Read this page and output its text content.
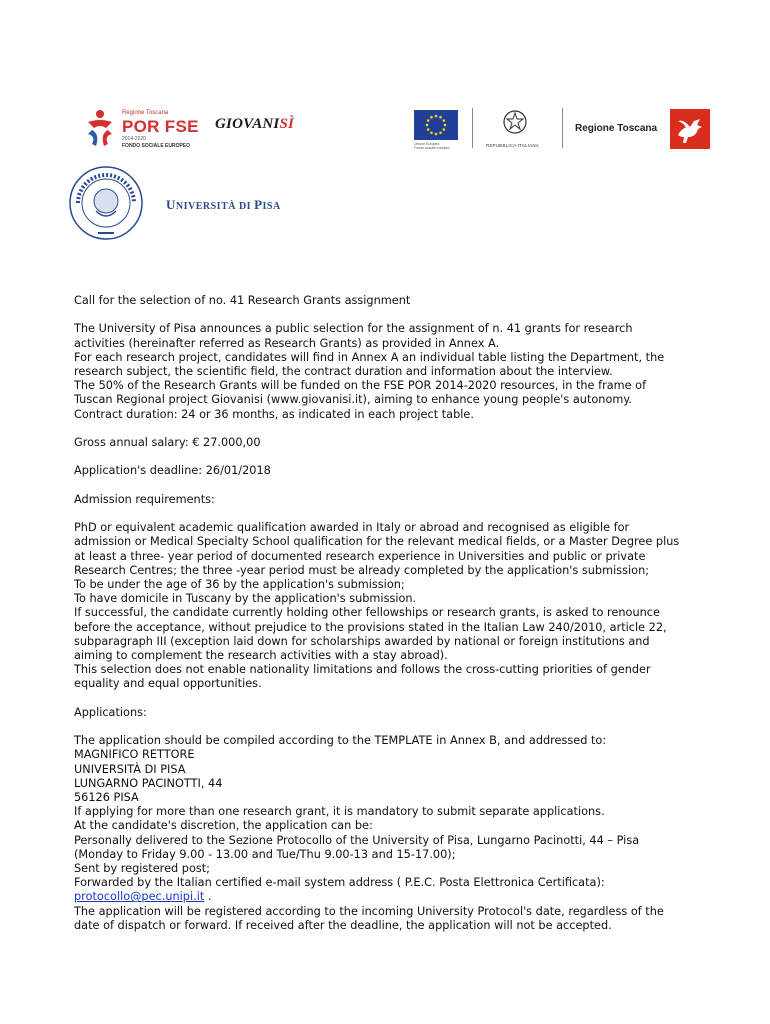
Regione Toscana
POR FSE
2014-2020
FONDO SOCIALE EUROPEO
GIOVANISÌ
Unione Europea
Fondo sociale europeo	REPUBBLICA ITALIANA
Regione Toscana
UNIVERSITÀ DI PISA

Call for the selection of no. 41 Research Grants assignment

The University of Pisa announces a public selection for the assignment of n. 41 grants for research

activities (hereinafter referred as Research Grants) as provided in Annex A.

For each research project, candidates will find in Annex A an individual table listing the Department, the

research subject, the scientific field, the contract duration and information about the interview.

The 50% of the Research Grants will be funded on the FSE POR 2014-2020 resources, in the frame of

Tuscan Regional project Giovanisi (www.giovanisi.it), aiming to enhance young people's autonomy.

Contract duration: 24 or 36 months, as indicated in each project table.

Gross annual salary: € 27.000,00

Application's deadline: 26/01/2018

Admission requirements:

PhD or equivalent academic qualification awarded in Italy or abroad and recognised as eligible for

admission or Medical Specialty School qualification for the relevant medical fields, or a Master Degree plus

at least a three- year period of documented research experience in Universities and public or private

Research Centres; the three -year period must be already completed by the application's submission;

To be under the age of 36 by the application's submission;

To have domicile in Tuscany by the application's submission.

If successful, the candidate currently holding other fellowships or research grants, is asked to renounce

before the acceptance, without prejudice to the provisions stated in the Italian Law 240/2010, article 22,

subparagraph III (exception laid down for scholarships awarded by national or foreign institutions and

aiming to complement the research activities with a stay abroad).

This selection does not enable nationality limitations and follows the cross-cutting priorities of gender

equality and equal opportunities.

Applications:

The application should be compiled according to the TEMPLATE in Annex B, and addressed to:

MAGNIFICO RETTORE

UNIVERSITÀ DI PISA

LUNGARNO PACINOTTI, 44

56126 PISA

If applying for more than one research grant, it is mandatory to submit separate applications.

At the candidate's discretion, the application can be:

Personally delivered to the Sezione Protocollo of the University of Pisa, Lungarno Pacinotti, 44 – Pisa

(Monday to Friday 9.00 - 13.00 and Tue/Thu 9.00-13 and 15-17.00);

Sent by registered post;

Forwarded by the Italian certified e-mail system address ( P.E.C. Posta Elettronica Certificata):

protocollo@pec.unipi.it .

The application will be registered according to the incoming University Protocol's date, regardless of the

date of dispatch or forward. If received after the deadline, the application will not be accepted.
